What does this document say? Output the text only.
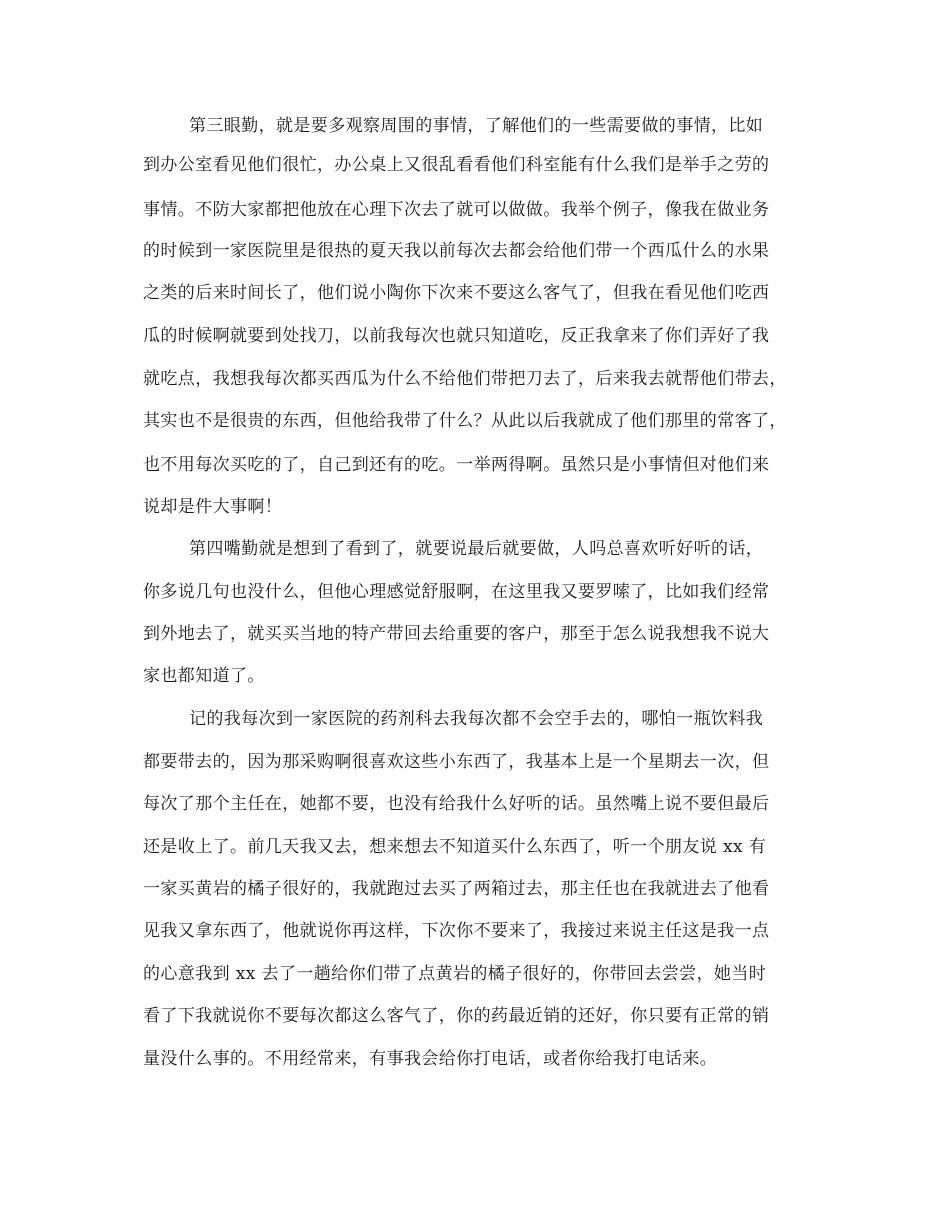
第三眼勤，就是要多观察周围的事情，了解他们的一些需要做的事情，比如
到办公室看见他们很忙，办公桌上又很乱看看他们科室能有什么我们是举手之劳的
事情。不防大家都把他放在心理下次去了就可以做做。我举个例子，像我在做业务
的时候到一家医院里是很热的夏天我以前每次去都会给他们带一个西瓜什么的水果
之类的后来时间长了，他们说小陶你下次来不要这么客气了，但我在看见他们吃西
瓜的时候啊就要到处找刀，以前我每次也就只知道吃，反正我拿来了你们弄好了我
就吃点，我想我每次都买西瓜为什么不给他们带把刀去了，后来我去就帮他们带去，
其实也不是很贵的东西，但他给我带了什么？从此以后我就成了他们那里的常客了，
也不用每次买吃的了，自己到还有的吃。一举两得啊。虽然只是小事情但对他们来
说却是件大事啊！
第四嘴勤就是想到了看到了，就要说最后就要做，人吗总喜欢听好听的话，
你多说几句也没什么，但他心理感觉舒服啊，在这里我又要罗嗦了，比如我们经常
到外地去了，就买买当地的特产带回去给重要的客户，那至于怎么说我想我不说大
家也都知道了。
记的我每次到一家医院的药剂科去我每次都不会空手去的，哪怕一瓶饮料我
都要带去的，因为那采购啊很喜欢这些小东西了，我基本上是一个星期去一次，但
每次了那个主任在，她都不要，也没有给我什么好听的话。虽然嘴上说不要但最后
还是收上了。前几天我又去，想来想去不知道买什么东西了，听一个朋友说 xx 有
一家买黄岩的橘子很好的，我就跑过去买了两箱过去，那主任也在我就进去了他看
见我又拿东西了，他就说你再这样，下次你不要来了，我接过来说主任这是我一点
的心意我到 xx 去了一趟给你们带了点黄岩的橘子很好的，你带回去尝尝，她当时
看了下我就说你不要每次都这么客气了，你的药最近销的还好，你只要有正常的销
量没什么事的。不用经常来，有事我会给你打电话，或者你给我打电话来。
